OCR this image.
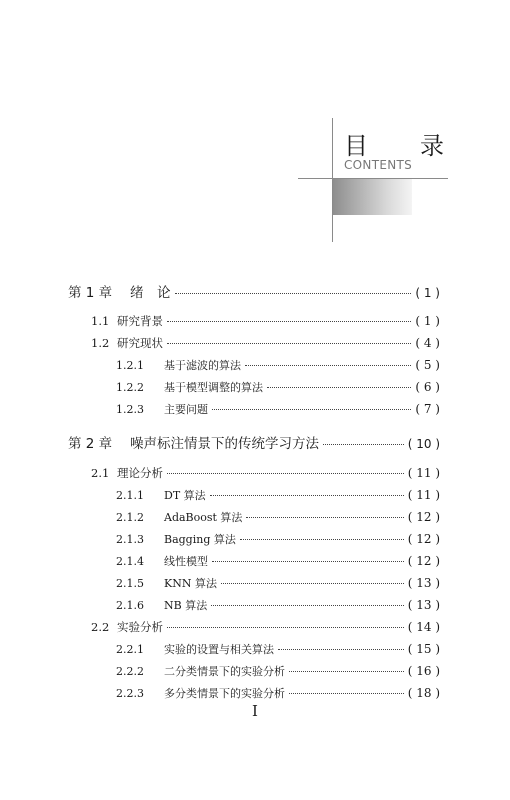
目　录
CONTENTS
第 1 章	绪　论	( 1 )
1.1 研究背景	( 1 )
1.2 研究现状	( 4 )
1.2.1	基于滤波的算法	( 5 )
1.2.2	基于模型调整的算法	( 6 )
1.2.3	主要问题	( 7 )
第 2 章	噪声标注情景下的传统学习方法	( 10 )
2.1 理论分析	( 11 )
2.1.1	DT 算法	( 11 )
2.1.2	AdaBoost 算法	( 12 )
2.1.3	Bagging 算法	( 12 )
2.1.4	线性模型	( 12 )
2.1.5	KNN 算法	( 13 )
2.1.6	NB 算法	( 13 )
2.2 实验分析	( 14 )
2.2.1	实验的设置与相关算法	( 15 )
2.2.2	二分类情景下的实验分析	( 16 )
2.2.3	多分类情景下的实验分析	( 18 )
I
